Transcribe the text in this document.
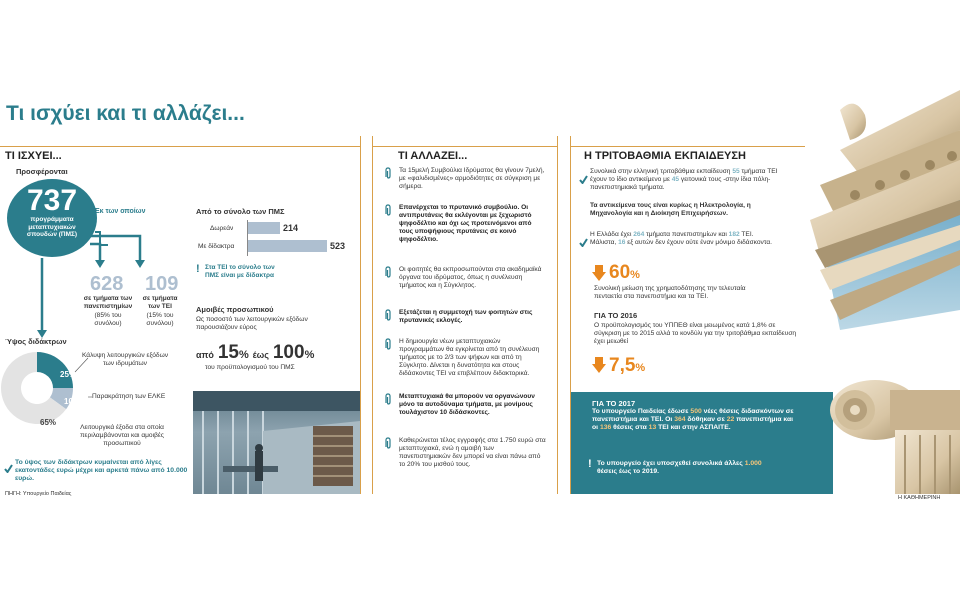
Τι ισχύει και τι αλλάζει...
ΤΙ ΙΣΧΥΕΙ...
Προσφέρονται
737
προγράμματα μεταπτυχιακών σπουδών (ΠΜΣ)
Εκ των οποίων
628
σε τμήματα των πανεπιστημίων
(85% του συνόλου)
109
σε τμήματα των ΤΕΙ
(15% του συνόλου)
Ύψος διδάκτρων
25%
10%
65%
Κάλυψη λειτουργικών εξόδων των ιδρυμάτων
Παρακράτηση των ΕΛΚΕ
Λειτουργικά έξοδα στα οποία περιλαμβάνονται και αμοιβές προσωπικού
Το ύψος των διδάκτρων κυμαίνεται από λίγες εκατοντάδες ευρώ μέχρι και αρκετά πάνω από 10.000 ευρώ.
ΠΗΓΗ: Υπουργείο Παιδείας
Από το σύνολο των ΠΜΣ
Δωρεάν	214
Με δίδακτρα	523
! Στα ΤΕΙ το σύνολο των ΠΜΣ είναι με δίδακτρα
Αμοιβές προσωπικού
Ως ποσοστό των λειτουργικών εξόδων παρουσιάζουν εύρος
από 15% έως 100%
του προϋπολογισμού του ΠΜΣ
ΤΙ ΑΛΛΑΖΕΙ...
Τα 15μελή Συμβούλια Ιδρύματος θα γίνουν 7μελή, με «φαλιδισμένες» αρμοδιότητες σε σύγκριση με σήμερα.
Επανέρχεται το πρυτανικό συμβούλιο. Οι αντιπρυτάνεις θα εκλέγονται με ξεχωριστό ψηφοδέλτιο και όχι ως προτεινόμενοι από τους υποψήφιους πρυτάνεις σε κοινό ψηφοδέλτιο.
Οι φοιτητές θα εκπροσωπούνται στα ακαδημαϊκά όργανα του ιδρύματος, όπως η συνέλευση τμήματος και η Σύγκλητος.
Εξετάζεται η συμμετοχή των φοιτητών στις πρυτανικές εκλογές.
Η δημιουργία νέων μεταπτυχιακών προγραμμάτων θα εγκρίνεται από τη συνέλευση τμήματος με το 2/3 των ψήφων και από τη Σύγκλητο. Δίνεται η δυνατότητα και στους διδάσκοντες ΤΕΙ να επιβλέπουν διδακτορικά.
Μεταπτυχιακά θα μπορούν να οργανώνουν μόνο τα αυτοδύναμα τμήματα, με μονίμους τουλάχιστον 10 διδάσκοντες.
Καθιερώνεται τέλος εγγραφής στα 1.750 ευρώ στα μεταπτυχιακά, ενώ η αμοιβή των πανεπιστημιακών δεν μπορεί να είναι πάνω από το 20% του μισθού τους.
Η ΤΡΙΤΟΒΑΘΜΙΑ ΕΚΠΑΙΔΕΥΣΗ
Συνολικά στην ελληνική τριτοβάθμια εκπαίδευση 55 τμήματα ΤΕΙ έχουν το ίδιο αντικείμενο με 45 γειτονικά τους -στην ίδια πόλη- πανεπιστημιακά τμήματα.
Τα αντικείμενα τους είναι κυρίως η Ηλεκτρολογία, η Μηχανολογία και η Διοίκηση Επιχειρήσεων.
Η Ελλάδα έχει 264 τμήματα πανεπιστημίων και 182 ΤΕΙ. Μάλιστα, 16 εξ αυτών δεν έχουν ούτε έναν μόνιμο διδάσκοντα.
60%
Συνολική μείωση της χρηματοδότησης την τελευταία πενταετία στα πανεπιστήμια και τα ΤΕΙ.
ΓΙΑ ΤΟ 2016
Ο προϋπολογισμός του ΥΠΠΕΘ είναι μειωμένος κατά 1,8% σε σύγκριση με το 2015 αλλά το κονδύλι για την τριτοβάθμια εκπαίδευση έχει μειωθεί
7,5%
ΓΙΑ ΤΟ 2017
Το υπουργείο Παιδείας έδωσε 500 νέες θέσεις διδασκόντων σε πανεπιστήμια και ΤΕΙ. Οι 364 δόθηκαν σε 22 πανεπιστήμια και οι 136 θέσεις στα 13 ΤΕΙ και στην ΑΣΠΑΙΤΕ.
! Το υπουργείο έχει υποσχεθεί συνολικά άλλες 1.000 θέσεις έως το 2019.
Η ΚΑΘΗΜΕΡΙΝΗ
